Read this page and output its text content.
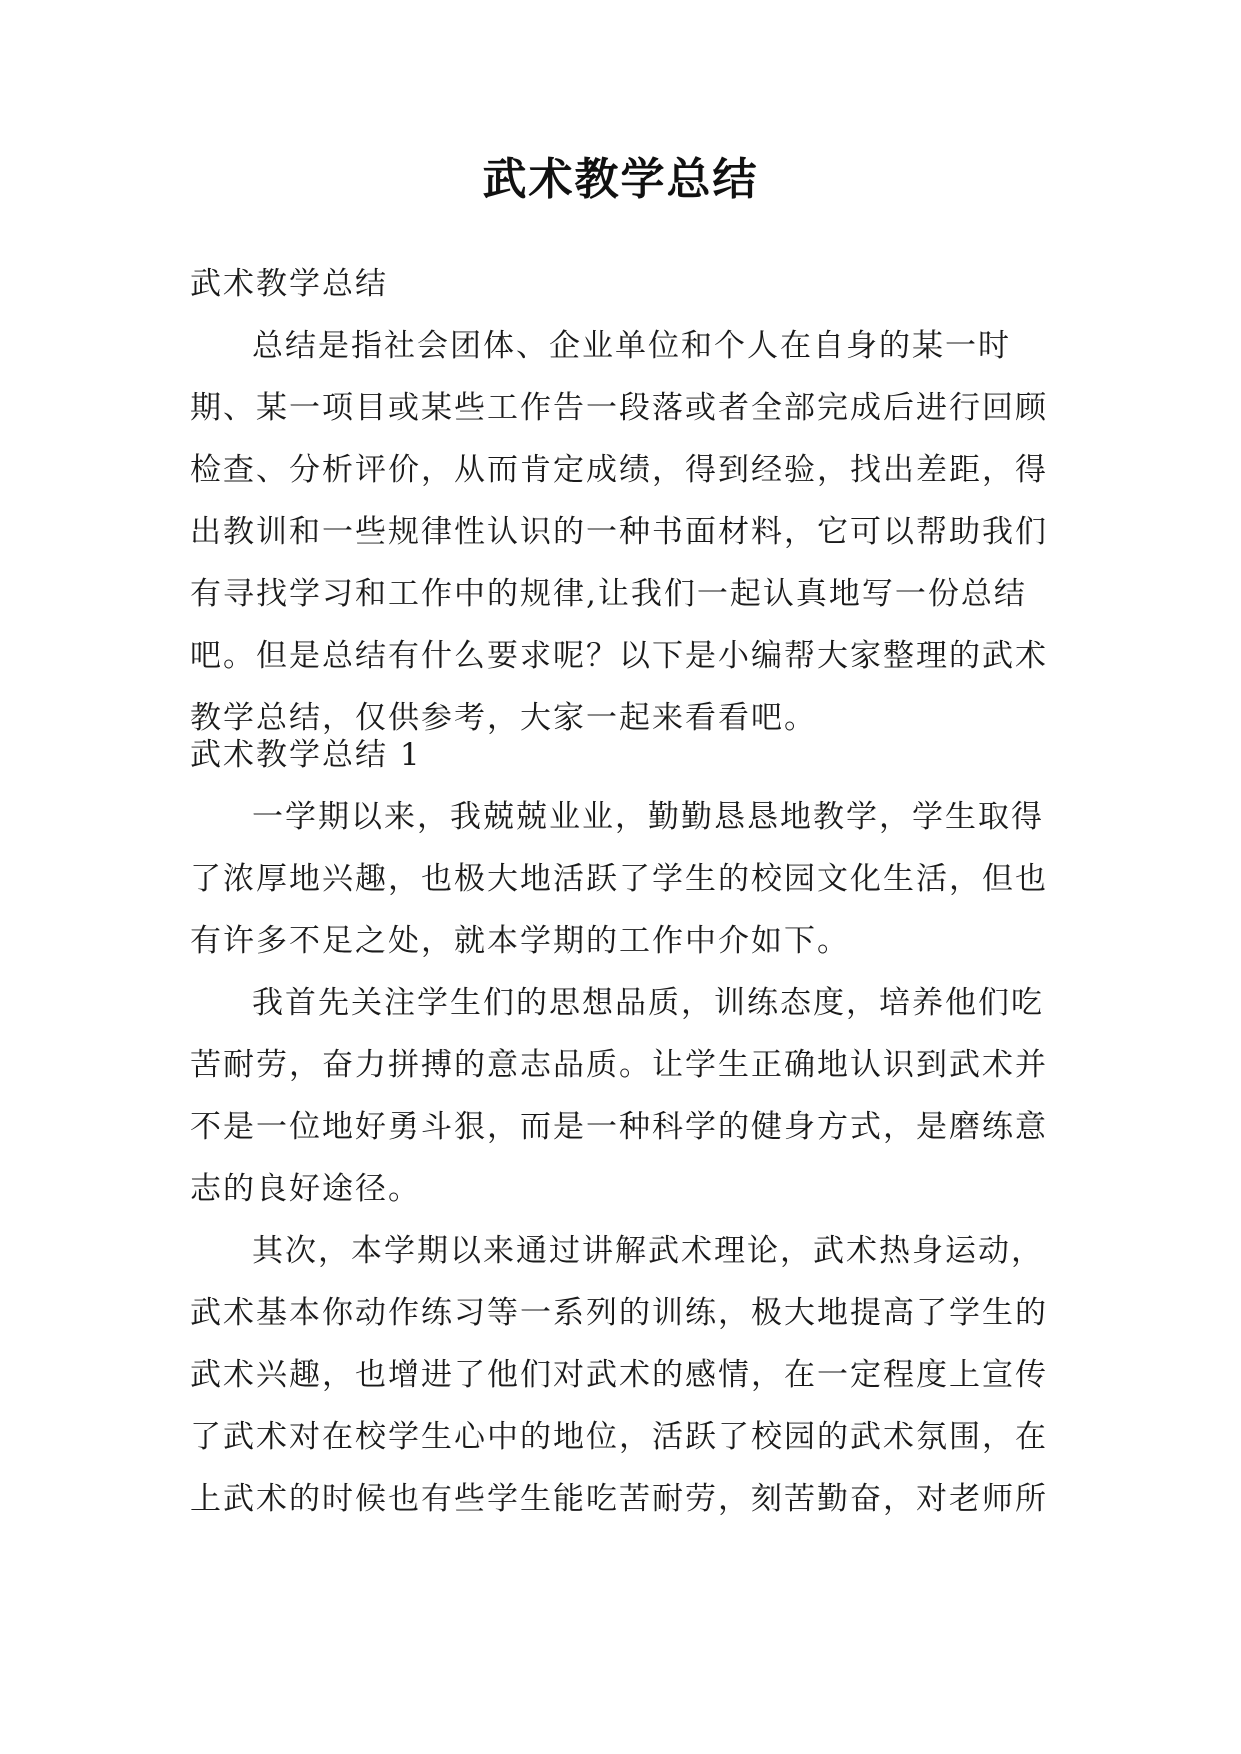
武术教学总结

武术教学总结

总结是指社会团体、企业单位和个人在自身的某一时期、某一项目或某些工作告一段落或者全部完成后进行回顾检查、分析评价，从而肯定成绩，得到经验，找出差距，得出教训和一些规律性认识的一种书面材料，它可以帮助我们有寻找学习和工作中的规律,让我们一起认真地写一份总结吧。但是总结有什么要求呢？以下是小编帮大家整理的武术教学总结，仅供参考，大家一起来看看吧。

武术教学总结 1

一学期以来，我兢兢业业，勤勤恳恳地教学，学生取得了浓厚地兴趣，也极大地活跃了学生的校园文化生活，但也有许多不足之处，就本学期的工作中介如下。

我首先关注学生们的思想品质，训练态度，培养他们吃苦耐劳，奋力拼搏的意志品质。让学生正确地认识到武术并不是一位地好勇斗狠，而是一种科学的健身方式，是磨练意志的良好途径。

其次，本学期以来通过讲解武术理论，武术热身运动，武术基本你动作练习等一系列的训练，极大地提高了学生的武术兴趣，也增进了他们对武术的感情，在一定程度上宣传了武术对在校学生心中的地位，活跃了校园的武术氛围，在上武术的时候也有些学生能吃苦耐劳，刻苦勤奋，对老师所
